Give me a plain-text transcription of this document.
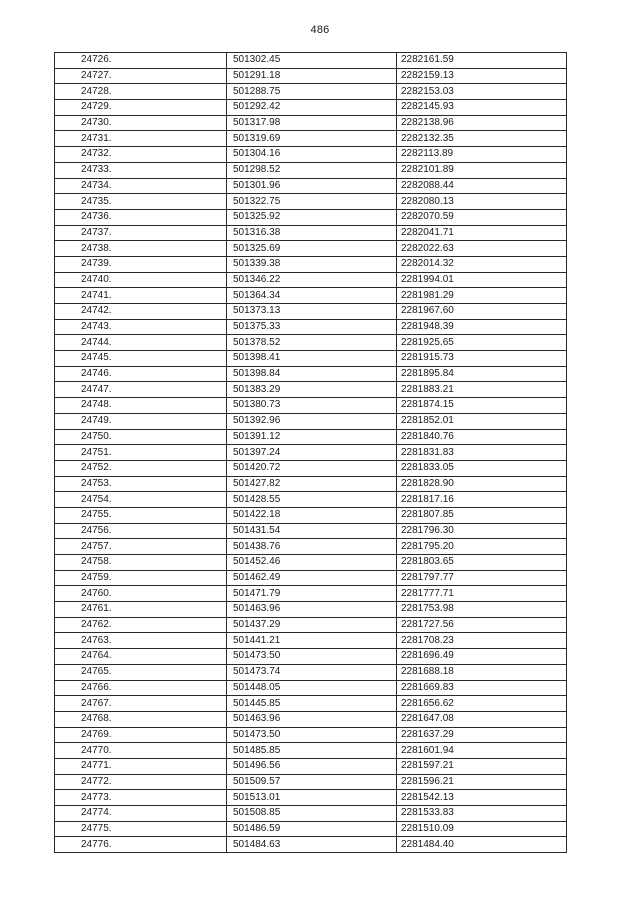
486
24726.	501302.45	2282161.59
24727.	501291.18	2282159.13
24728.	501288.75	2282153.03
24729.	501292.42	2282145.93
24730.	501317.98	2282138.96
24731.	501319.69	2282132.35
24732.	501304.16	2282113.89
24733.	501298.52	2282101.89
24734.	501301.96	2282088.44
24735.	501322.75	2282080.13
24736.	501325.92	2282070.59
24737.	501316.38	2282041.71
24738.	501325.69	2282022.63
24739.	501339.38	2282014.32
24740.	501346.22	2281994.01
24741.	501364.34	2281981.29
24742.	501373.13	2281967.60
24743.	501375.33	2281948.39
24744.	501378.52	2281925.65
24745.	501398.41	2281915.73
24746.	501398.84	2281895.84
24747.	501383.29	2281883.21
24748.	501380.73	2281874.15
24749.	501392.96	2281852.01
24750.	501391.12	2281840.76
24751.	501397.24	2281831.83
24752.	501420.72	2281833.05
24753.	501427.82	2281828.90
24754.	501428.55	2281817.16
24755.	501422.18	2281807.85
24756.	501431.54	2281796.30
24757.	501438.76	2281795.20
24758.	501452.46	2281803.65
24759.	501462.49	2281797.77
24760.	501471.79	2281777.71
24761.	501463.96	2281753.98
24762.	501437.29	2281727.56
24763.	501441.21	2281708.23
24764.	501473.50	2281696.49
24765.	501473.74	2281688.18
24766.	501448.05	2281669.83
24767.	501445.85	2281656.62
24768.	501463.96	2281647.08
24769.	501473.50	2281637.29
24770.	501485.85	2281601.94
24771.	501496.56	2281597.21
24772.	501509.57	2281596.21
24773.	501513.01	2281542.13
24774.	501508.85	2281533.83
24775.	501486.59	2281510.09
24776.	501484.63	2281484.40
